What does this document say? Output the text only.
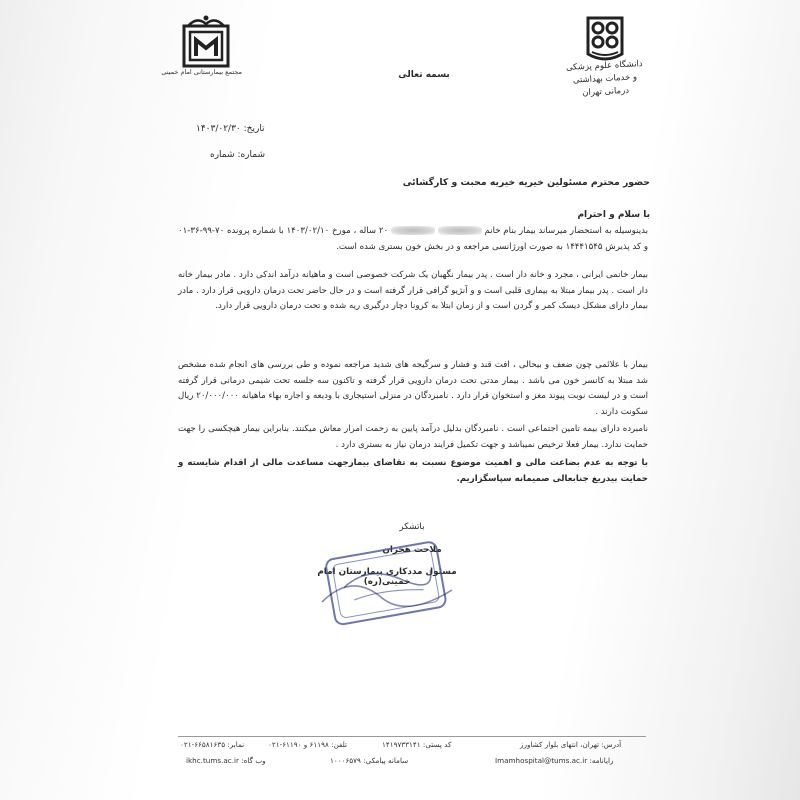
مجتمع بیمارستانی امام خمینی	دانشگاه علوم پزشکی
و خدمات بهداشتی درمانی تهران
بسمه تعالی
تاریخ: ۱۴۰۳/۰۲/۳۰
شماره: شماره
حضور محترم مسئولین خیریه خیریه محبت و کارگشائی
با سلام و احترام

بدینوسیله به استحضار میرساند بیمار بنام خانم   ۲۰ ساله ، مورخ ۱۴۰۳/۰۲/۱۰ با شماره پرونده ۷۰-۹۹-۳۶-۰۱ و کد پذیرش ۱۴۴۴۱۵۴۵ به صورت اورژانسی مراجعه و در بخش خون بستری شده است.

بیمار خانمی ایرانی ، مجرد و خانه دار است . پدر بیمار نگهبان یک شرکت خصوصی است و ماهیانه درآمد اندکی دارد . مادر بیمار خانه دار است . پدر بیمار مبتلا به بیماری قلبی است و و آنژیو گرافی قرار گرفته است و در حال حاضر تحت درمان دارویی قرار دارد . مادر بیمار دارای مشکل دیسک کمر و گردن است و از زمان ابتلا به کرونا دچار درگیری ریه شده و تحت درمان دارویی قرار دارد.

بیمار با علائمی چون ضعف و بیحالی ، افت قند و فشار و سرگیجه های شدید مراجعه نموده و طی بررسی های انجام شده مشخص شد مبتلا به کانسر خون می باشد . بیمار مدتی تحت درمان دارویی قرار گرفته و تاکنون سه جلسه تحت شیمی درمانی قرار گرفته است و در لیست نوبت پیوند مغز و استخوان قرار دارد . نامبردگان در منزلی استیجاری با ودیعه و اجاره بهاء ماهیانه ۲۰/۰۰۰/۰۰۰ ریال سکونت دارند .

نامبرده دارای بیمه تامین اجتماعی است . نامبردگان بدلیل درآمد پایین به زحمت امرار معاش میکنند. بنابراین بیمار هیچکسی را جهت حمایت ندارد. بیمار فعلا ترخیص نمیباشد و جهت تکمیل فرایند درمان نیاز به بستری دارد .

با توجه به عدم بضاعت مالی و اهمیت موضوع نسبت به تقاضای بیمارجهت مساعدت مالی از اقدام شایسته و حمایت بیدریغ جنابعالی صمیمانه سپاسگزاریم.

باتشکر
ملاحت هجران
مسئول مددکاری بیمارستان امام خمینی(ره)
آدرس: تهران، انتهای بلوار کشاورز
کد پستی: ۱۴۱۹۷۳۳۱۴۱
تلفن: ۶۱۱۹۸ و ۶۱۱۹۰-۰۲۱
نمابر: ۶۶۵۸۱۶۳۵-۰۲۱
رایانامه: Imamhospital@tums.ac.ir
سامانه پیامکی: ۱۰۰۰۶۵۷۹
وب گاه: ikhc.tums.ac.ir
